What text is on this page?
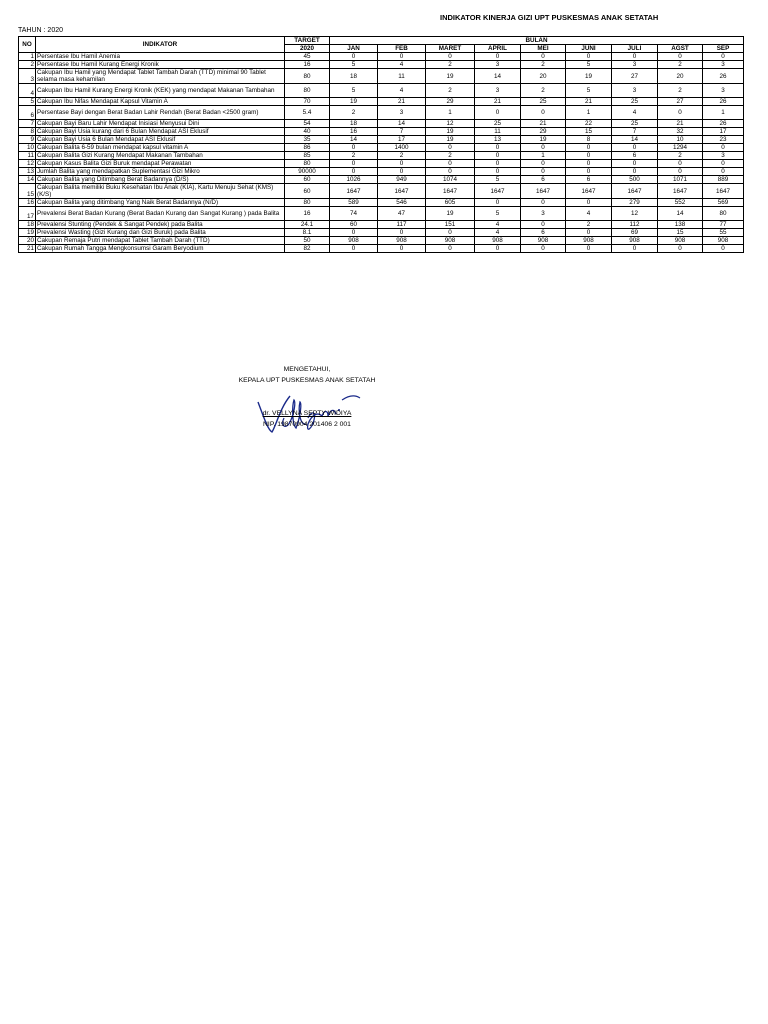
INDIKATOR KINERJA GIZI UPT PUSKESMAS ANAK SETATAH
TAHUN : 2020
NO	INDIKATOR	TARGET	BULAN								
		2020	JAN	FEB	MARET	APRIL	MEI	JUNI	JULI	AGST	SEP
1	Persentase Ibu Hamil Anemia	45	0	0	0	0	0	0	0	0	0
2	Persentase Ibu Hamil Kurang Energi Kronik	16	5	4	2	3	2	5	3	2	3
3	Cakupan Ibu Hamil yang Mendapat Tablet Tambah Darah (TTD) minimal 90 Tablet selama masa kehamilan	80	18	11	19	14	20	19	27	20	26
4	Cakupan Ibu Hamil Kurang Energi Kronik (KEK) yang mendapat Makanan Tambahan	80	5	4	2	3	2	5	3	2	3
5	Cakupan Ibu Nifas Mendapat Kapsul Vitamin A	70	19	21	29	21	25	21	25	27	26
6	Persentase Bayi dengan Berat Badan Lahir Rendah (Berat Badan <2500 gram)	5.4	2	3	1	0	0	1	4	0	1
7	Cakupan Bayi Baru Lahir Mendapat Inisiasi Menyusui Dini	54	18	14	12	25	21	22	25	21	26
8	Cakupan Bayi Usia kurang dari 6 Bulan Mendapat ASI Eklusif	40	16	7	19	11	29	15	7	32	17
9	Cakupan Bayi Usia 6 Bulan Mendapat ASI Eklusif	35	14	17	19	13	19	8	14	10	23
10	Cakupan Balita 6-59 bulan mendapat kapsul vitamin A	86	0	1400	0	0	0	0	0	1294	0
11	Cakupan Balita Gizi Kurang Mendapat Makanan Tambahan	85	2	2	2	0	1	0	6	2	3
12	Cakupan Kasus Balita Gizi Buruk mendapat Perawatan	80	0	0	0	0	0	0	0	0	0
13	Jumlah Balita yang mendapatkan Suplementasi Gizi Mikro	90000	0	0	0	0	0	0	0	0	0
14	Cakupan Balita yang Ditimbang Berat Badannya (D/S)	60	1026	949	1074	5	6	6	500	1071	889
15	Cakupan Balita memiliki Buku Kesehatan Ibu Anak (KIA), Kartu Menuju Sehat (KMS) (K/S)	60	1647	1647	1647	1647	1647	1647	1647	1647	1647
16	Cakupan Balita yang ditimbang Yang Naik Berat Badannya (N/D)	80	589	546	605	0	0	0	279	552	569
17	Prevalensi Berat Badan Kurang (Berat Badan Kurang dan Sangat Kurang ) pada Balita	16	74	47	19	5	3	4	12	14	80
18	Prevalensi Stunting (Pendek & Sangat Pendek) pada Balita	24.1	60	117	151	4	0	2	112	138	77
19	Prevalensi Wasting (Gizi Kurang dan Gizi Buruk) pada Balita	8.1	0	0	0	4	6	0	69	15	55
20	Cakupan Remaja Putri mendapat Tablet Tambah Darah (TTD)	50	908	908	908	908	908	908	908	908	908
21	Cakupan Rumah Tangga Mengkonsumsi Garam Beryodium	82	0	0	0	0	0	0	0	0	0
MENGETAHUI,
KEPALA UPT PUSKESMAS ANAK SETATAH
dr. VELLYNA SEPTY WIDIYA
NIP. 19870904 201406 2 001
